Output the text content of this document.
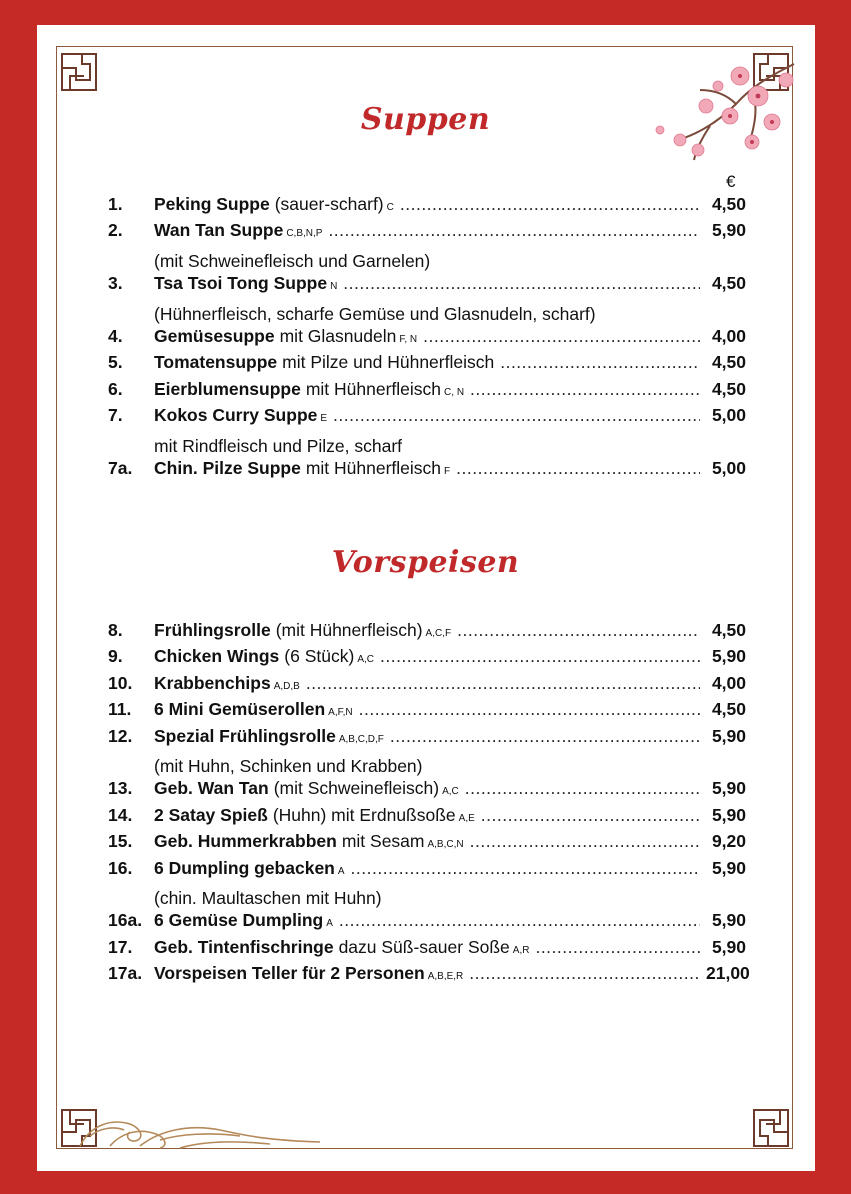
Suppen
€
1.	Peking Suppe (sauer-scharf) C .....	4,50
2.	Wan Tan Suppe C,B,N,P .....	5,90
(mit Schweinefleisch und Garnelen)
3.	Tsa Tsoi Tong Suppe N .....	4,50
(Hühnerfleisch, scharfe Gemüse und Glasnudeln, scharf)
4.	Gemüsesuppe mit Glasnudeln F, N .....	4,00
5.	Tomatensuppe mit Pilze und Hühnerfleisch .....	4,50
6.	Eierblumensuppe mit Hühnerfleisch C, N .....	4,50
7.	Kokos Curry Suppe E .....	5,00
mit Rindfleisch und Pilze, scharf
7a.	Chin. Pilze Suppe mit Hühnerfleisch F .....	5,00
Vorspeisen
8.	Frühlingsrolle (mit Hühnerfleisch) A,C,F .....	4,50
9.	Chicken Wings (6 Stück) A,C .....	5,90
10.	Krabbenchips A,D,B .....	4,00
11.	6 Mini Gemüserollen A,F,N .....	4,50
12.	Spezial Frühlingsrolle A,B,C,D,F .....	5,90
(mit Huhn, Schinken und Krabben)
13.	Geb. Wan Tan (mit Schweinefleisch) A,C .....	5,90
14.	2 Satay Spieß (Huhn) mit Erdnußsoße A,E .....	5,90
15.	Geb. Hummerkrabben mit Sesam A,B,C,N .....	9,20
16.	6 Dumpling gebacken A .....	5,90
(chin. Maultaschen mit Huhn)
16a. 6 Gemüse Dumpling A .....	5,90
17.	Geb. Tintenfischringe dazu Süß-sauer Soße A,R .....	5,90
17a. Vorspeisen Teller für 2 Personen A,B,E,R .....	21,00
